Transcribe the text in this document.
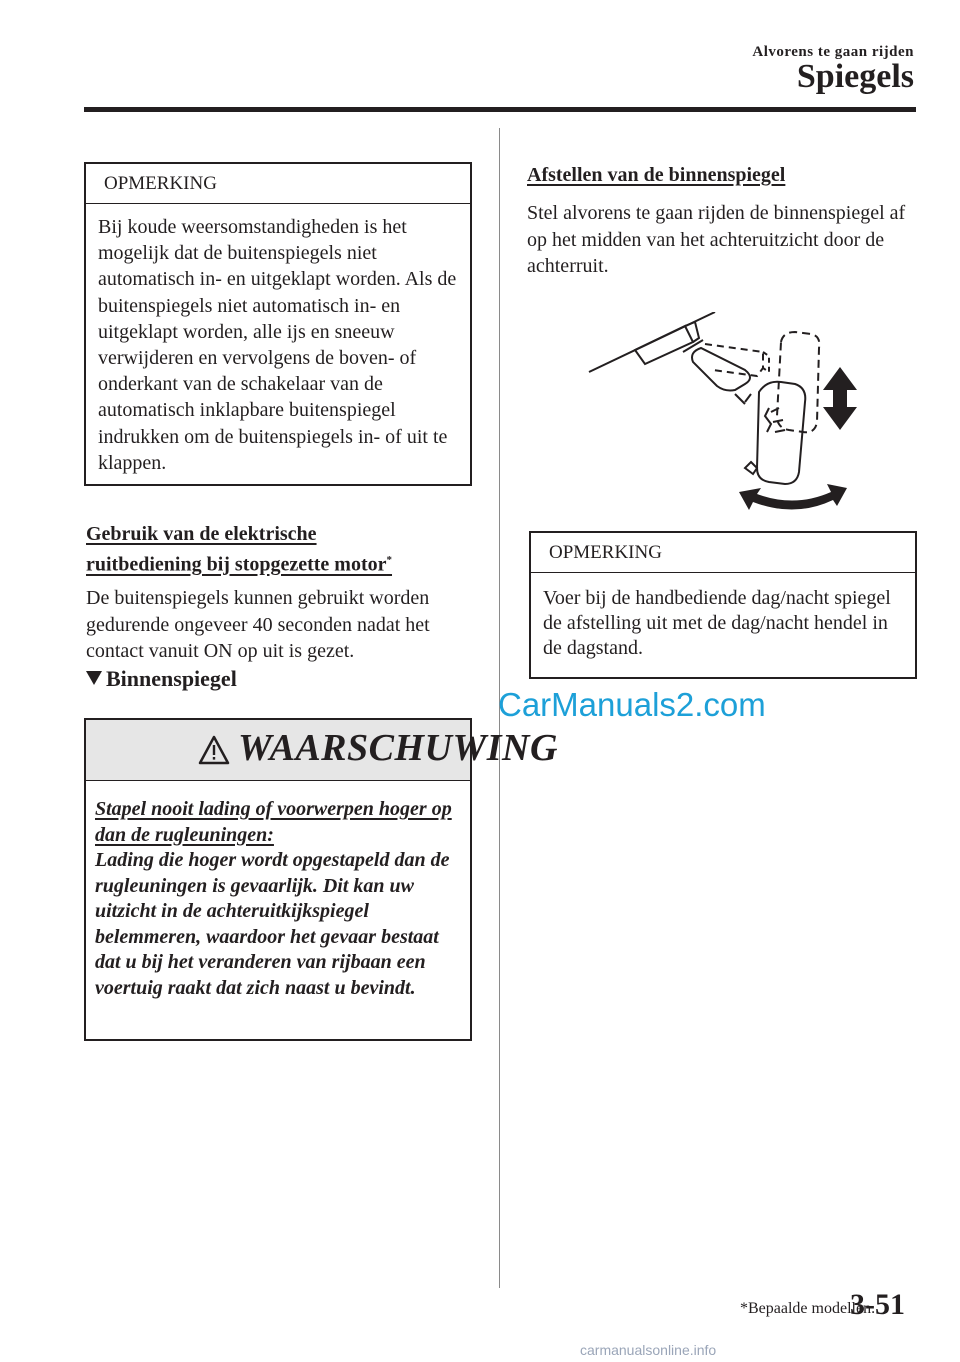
Alvorens te gaan rijden
Spiegels
OPMERKING
Bij koude weersomstandigheden is het mogelijk dat de buitenspiegels niet automatisch in- en uitgeklapt worden. Als de buitenspiegels niet automatisch in- en uitgeklapt worden, alle ijs en sneeuw verwijderen en vervolgens de boven- of onderkant van de schakelaar van de automatisch inklapbare buitenspiegel indrukken om de buitenspiegels in- of uit te klappen.
Gebruik van de elektrische
ruitbediening bij stopgezette motor*
De buitenspiegels kunnen gebruikt worden gedurende ongeveer 40 seconden nadat het contact vanuit ON op uit is gezet.
Binnenspiegel
WAARSCHUWING
Stapel nooit lading of voorwerpen hoger op dan de rugleuningen:
Lading die hoger wordt opgestapeld dan de rugleuningen is gevaarlijk. Dit kan uw uitzicht in de achteruitkijkspiegel belemmeren, waardoor het gevaar bestaat dat u bij het veranderen van rijbaan een voertuig raakt dat zich naast u bevindt.
Afstellen van de binnenspiegel
Stel alvorens te gaan rijden de binnenspiegel af op het midden van het achteruitzicht door de achterruit.
OPMERKING
Voer bij de handbediende dag/nacht spiegel de afstelling uit met de dag/nacht hendel in de dagstand.
CarManuals2.com
*Bepaalde modellen.
3-51
carmanualsonline.info
